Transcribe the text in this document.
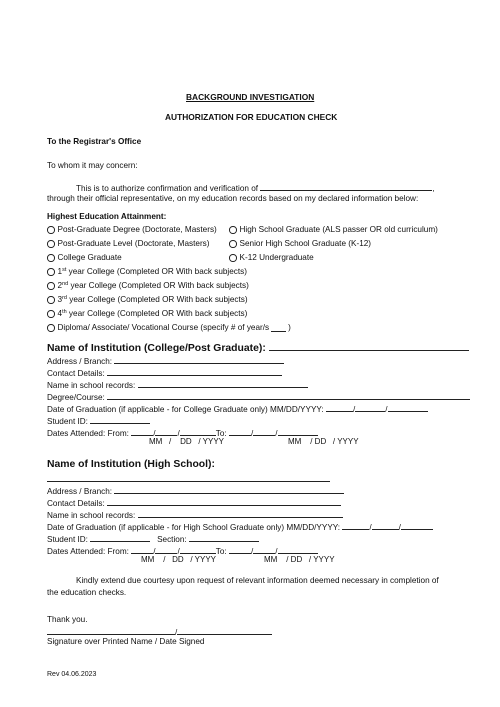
BACKGROUND INVESTIGATION
AUTHORIZATION FOR EDUCATION CHECK
To the Registrar's Office
To whom it may concern:
This is to authorize confirmation and verification of	,
through their official representative, on my education records based on my declared information below:
Highest Education Attainment:
Post-Graduate Degree (Doctorate, Masters)	High School Graduate (ALS passer OR old curriculum)
Post-Graduate Level (Doctorate, Masters)	Senior High School Graduate (K-12)
College Graduate	K-12 Undergraduate
1st year College (Completed OR With back subjects)
2nd year College (Completed OR With back subjects)
3rd year College (Completed OR With back subjects)
4th year College (Completed OR With back subjects)
Diploma/ Associate/ Vocational Course (specify # of year/s )
Name of Institution (College/Post Graduate):
Address / Branch:
Contact Details:
Name in school records:
Degree/Course:
Date of Graduation (if applicable - for College Graduate only) MM/DD/YYYY:	/	/
Student ID:
Dates Attended: From:	/	/	To:	/	/
MM   /    DD   / YYYY	MM    / DD   / YYYY
Name of Institution (High School):
Address / Branch:
Contact Details:
Name in school records:
Date of Graduation (if applicable - for High School Graduate only) MM/DD/YYYY:	/	/
Student ID:	Section:
Dates Attended: From:	/	/	To:	/	/
MM    /   DD   / YYYY	MM    / DD   / YYYY
Kindly extend due courtesy upon request of relevant information deemed necessary in completion of
the education checks.
Thank you.
/
Signature over Printed Name / Date Signed
Rev 04.06.2023
